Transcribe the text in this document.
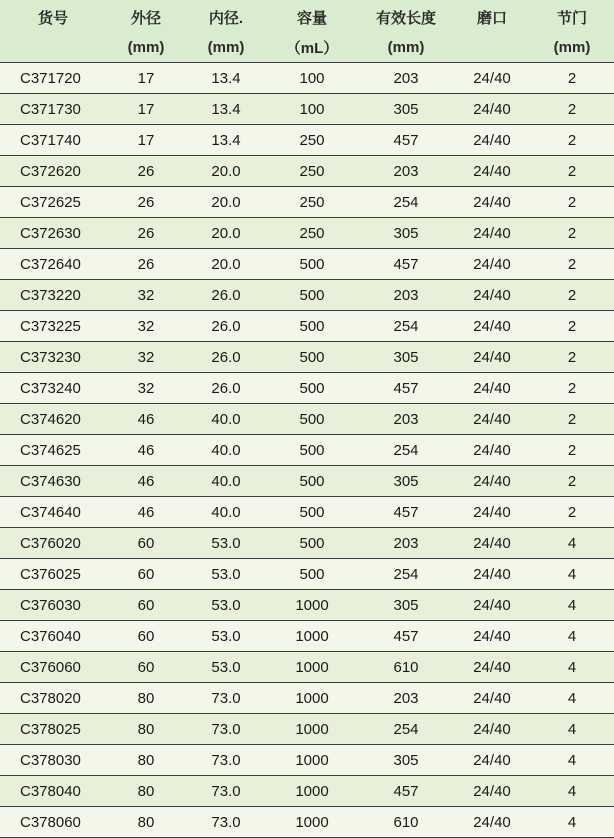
货号	外径	内径.	容量	有效长度	磨口	节门
	(mm)	(mm)	（mL）	(mm)		(mm)
C371720	17	13.4	100	203	24/40	2
C371730	17	13.4	100	305	24/40	2
C371740	17	13.4	250	457	24/40	2
C372620	26	20.0	250	203	24/40	2
C372625	26	20.0	250	254	24/40	2
C372630	26	20.0	250	305	24/40	2
C372640	26	20.0	500	457	24/40	2
C373220	32	26.0	500	203	24/40	2
C373225	32	26.0	500	254	24/40	2
C373230	32	26.0	500	305	24/40	2
C373240	32	26.0	500	457	24/40	2
C374620	46	40.0	500	203	24/40	2
C374625	46	40.0	500	254	24/40	2
C374630	46	40.0	500	305	24/40	2
C374640	46	40.0	500	457	24/40	2
C376020	60	53.0	500	203	24/40	4
C376025	60	53.0	500	254	24/40	4
C376030	60	53.0	1000	305	24/40	4
C376040	60	53.0	1000	457	24/40	4
C376060	60	53.0	1000	610	24/40	4
C378020	80	73.0	1000	203	24/40	4
C378025	80	73.0	1000	254	24/40	4
C378030	80	73.0	1000	305	24/40	4
C378040	80	73.0	1000	457	24/40	4
C378060	80	73.0	1000	610	24/40	4
